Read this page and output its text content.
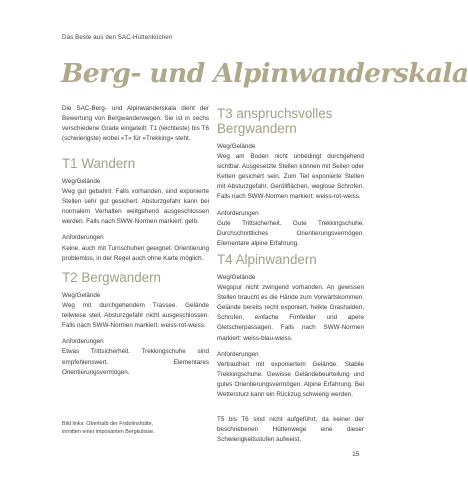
Das Beste aus den SAC-Hüttenküchen
Berg- und Alpinwanderskala

Die SAC-Berg- und Alpinwanderskala dient der Bewertung von Bergwanderwegen. Sie ist in sechs verschiedene Grade eingeteilt: T1 (leichteste) bis T6 (schwierigste) wobei «T» für «Trekking» steht.

T1 Wandern

Weg/Gelände

Weg gut gebahnt. Falls vorhanden, sind exponierte Stellen sehr gut gesichert. Absturzgefahr kann bei normalem Verhalten weitgehend ausgeschlossen werden. Falls nach SWW-Normen markiert: gelb.

Anforderungen

Keine, auch mit Turnschuhen geeignet. Orientierung problemlos, in der Regel auch ohne Karte möglich.

T2 Bergwandern

Weg/Gelände

Weg mit durchgehendem Trassee. Gelände teilweise steil, Absturzgefahr nicht ausgeschlossen. Falls nach SWW-Normen markiert: weiss-rot-weiss.

Anforderungen

Etwas Trittsicherheit. Trekkingschuhe sind empfehlenswert. Elementares Orientierungsvermögen.

T3 anspruchsvolles Bergwandern

Weg/Gelände

Weg am Boden nicht unbedingt durchgehend sichtbar. Ausgesetzte Stellen können mit Seilen oder Ketten gesichert sein. Zum Teil exponierte Stellen mit Absturzgefahr, Geröllflächen, weglose Schrofen. Falls nach SWW-Normen markiert: weiss-rot-weiss.

Anforderungen

Gute Trittsicherheit. Gute Trekkingschuhe. Durchschnittliches Orientierungsvermögen. Elementare alpine Erfahrung.

T4 Alpinwandern

Weg/Gelände

Wegspur nicht zwingend vorhanden. An gewissen Stellen braucht es die Hände zum Vorwärtskommen. Gelände bereits recht exponiert, heikle Grashalden, Schrofen, einfache Firnfelder und apere Gletscherpassagen. Falls nach SWW-Normen markiert: weiss-blau-weiss.

Anforderungen

Vertrautheit mit exponiertem Gelände. Stabile Trekkingschuhe. Gewisse Geländebeurteilung und gutes Orientierungsvermögen. Alpine Erfahrung. Bei Wettersturz kann ein Rückzug schwierig werden.

T5 bis T6 sind nicht aufgeführt, da keiner der beschriebenen Hüttenwege eine dieser Schwierigkeitsstufen aufweist.

Bild links: Oberhalb der Fridolinshütte, inmitten einer imposanten Bergkulisse.
15
